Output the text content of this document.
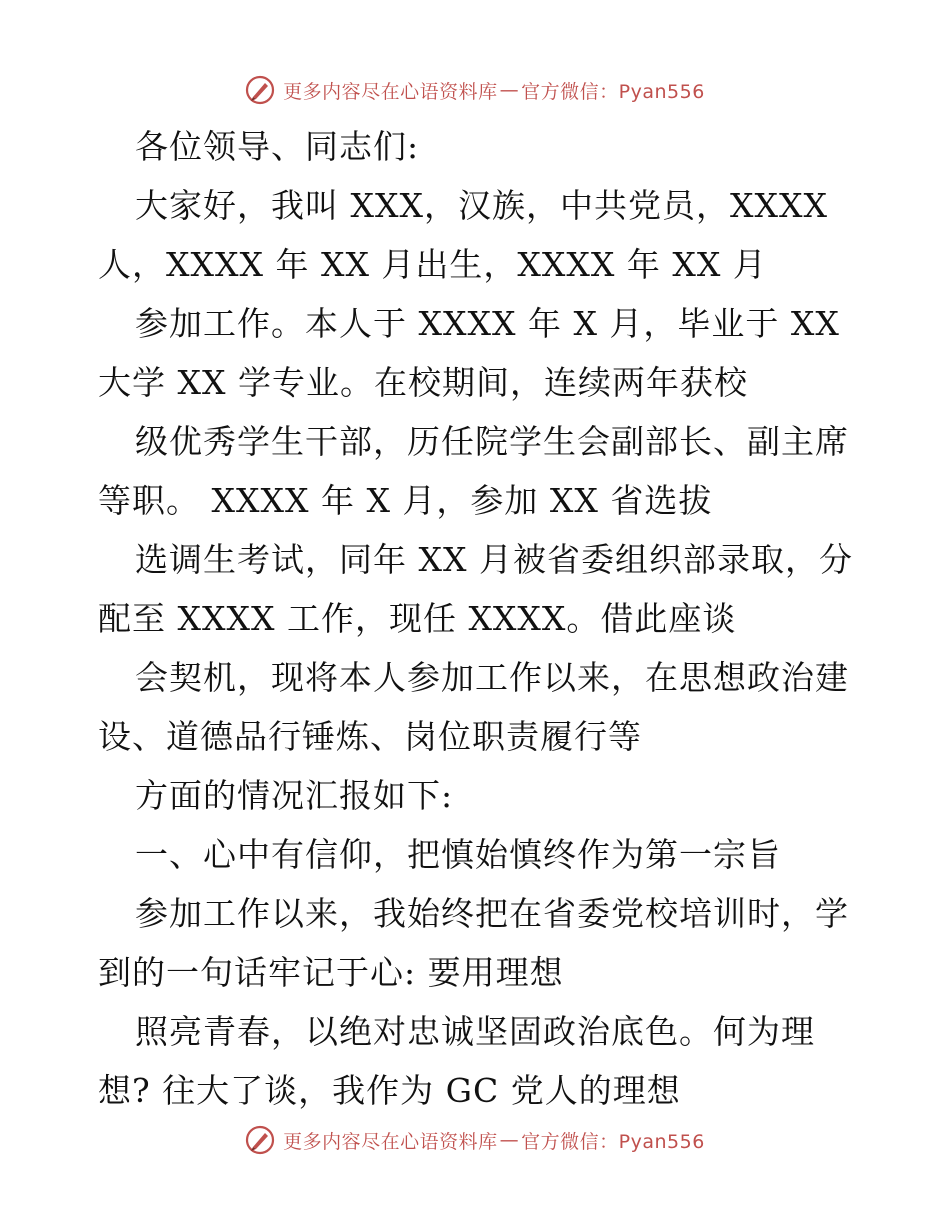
更多内容尽在心语资料库 — 官方微信：Pyan556
各位领导、同志们:
大家好，我叫 XXX，汉族，中共党员，XXXX
人，XXXX 年 XX 月出生，XXXX 年 XX 月
参加工作。本人于 XXXX 年 X 月，毕业于 XX
大学 XX 学专业。在校期间，连续两年获校
级优秀学生干部，历任院学生会副部长、副主席
等职。 XXXX 年 X 月，参加 XX 省选拔
选调生考试，同年 XX 月被省委组织部录取，分
配至 XXXX 工作，现任 XXXX。借此座谈
会契机，现将本人参加工作以来，在思想政治建
设、道德品行锤炼、岗位职责履行等
方面的情况汇报如下:
一、心中有信仰，把慎始慎终作为第一宗旨
参加工作以来，我始终把在省委党校培训时，学
到的一句话牢记于心: 要用理想
照亮青春，以绝对忠诚坚固政治底色。何为理
想? 往大了谈，我作为 GC 党人的理想
更多内容尽在心语资料库 — 官方微信：Pyan556
